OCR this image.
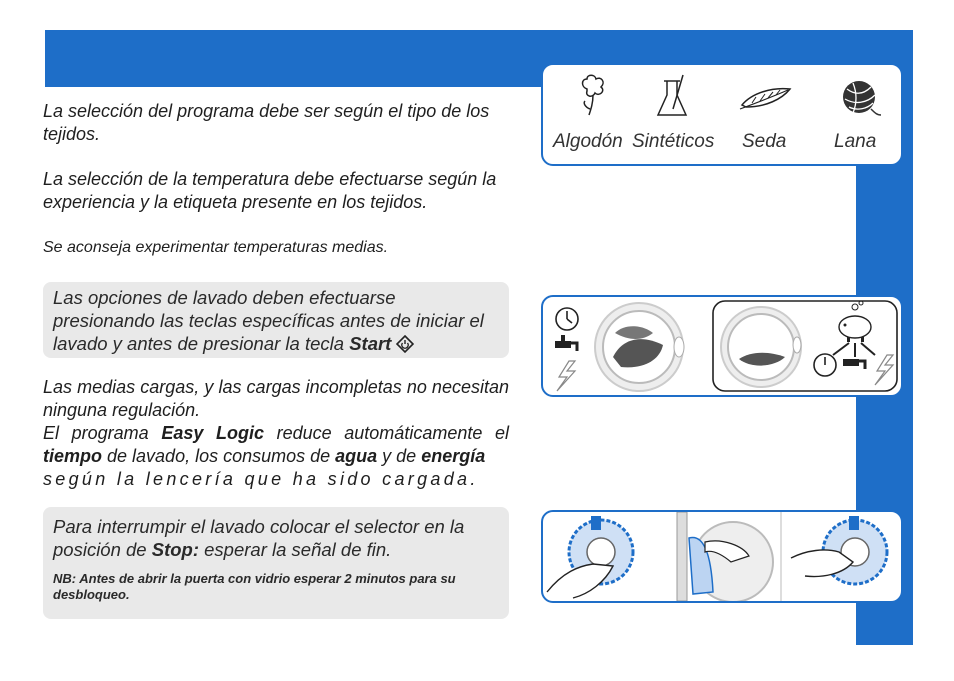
La selección del programa debe ser según el tipo de los tejidos.
La selección de la temperatura debe efectuarse según la experiencia y la etiqueta presente en los tejidos.
Se aconseja experimentar temperaturas medias.

Las opciones de lavado deben efectuarse presionando las teclas específicas antes de iniciar el lavado y antes de presionar la tecla Start

Las medias cargas, y las cargas incompletas no necesitan ninguna regulación.
El programa Easy Logic reduce automáticamente el tiempo de lavado, los consumos de agua y de energía
según la lencería que ha sido cargada.

Para interrumpir el lavado colocar el selector en la posición de Stop: esperar la señal de fin.

NB: Antes de abrir la puerta con vidrio esperar 2 minutos para su desbloqueo.

Algodón Sintéticos Seda	Lana
